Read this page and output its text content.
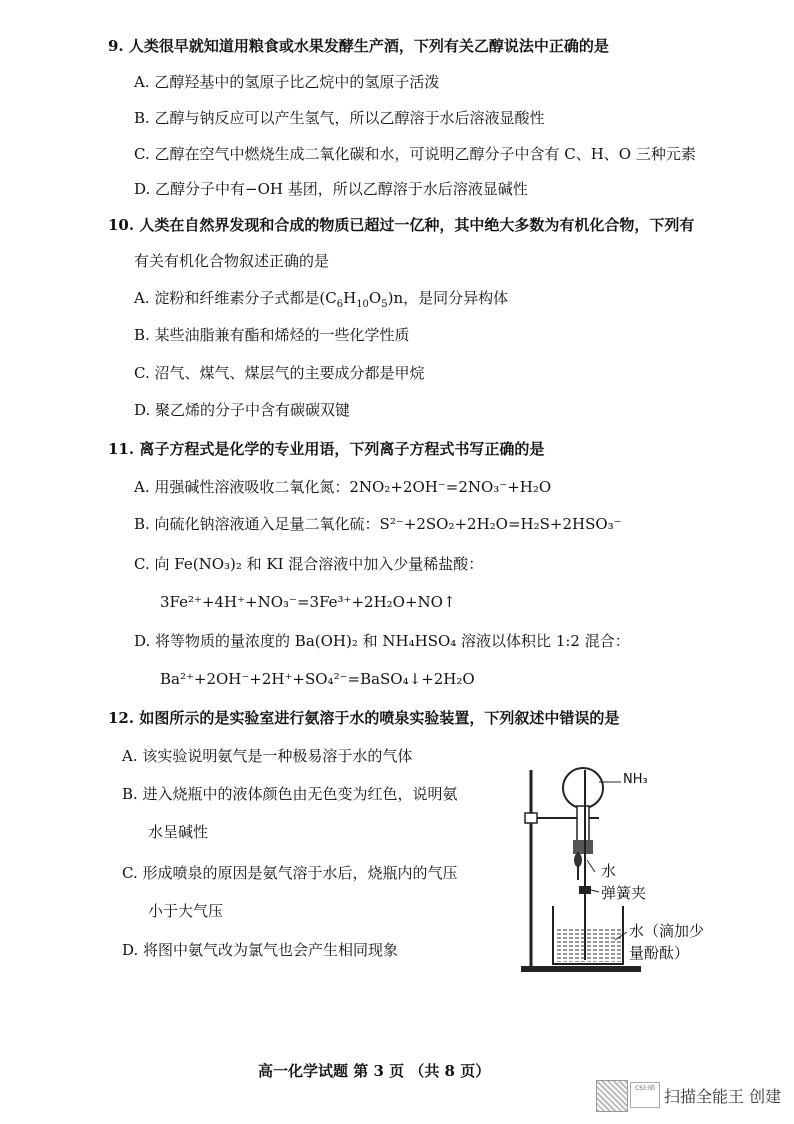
9. 人类很早就知道用粮食或水果发酵生产酒，下列有关乙醇说法中正确的是
A. 乙醇羟基中的氢原子比乙烷中的氢原子活泼
B. 乙醇与钠反应可以产生氢气，所以乙醇溶于水后溶液显酸性
C. 乙醇在空气中燃烧生成二氧化碳和水，可说明乙醇分子中含有 C、H、O 三种元素
D. 乙醇分子中有−OH 基团，所以乙醇溶于水后溶液显碱性
10. 人类在自然界发现和合成的物质已超过一亿种，其中绝大多数为有机化合物，下列有
有关有机化合物叙述正确的是
A. 淀粉和纤维素分子式都是$(C_6H_{10}O_5)n$，是同分异构体
B. 某些油脂兼有酯和烯烃的一些化学性质
C. 沼气、煤气、煤层气的主要成分都是甲烷
D. 聚乙烯的分子中含有碳碳双键
11. 离子方程式是化学的专业用语，下列离子方程式书写正确的是
A. 用强碱性溶液吸收二氧化氮：2NO₂+2OH⁻=2NO₃⁻+H₂O
B. 向硫化钠溶液通入足量二氧化硫：S²⁻+2SO₂+2H₂O=H₂S+2HSO₃⁻
C. 向 Fe(NO₃)₂ 和 KI 混合溶液中加入少量稀盐酸：
3Fe²⁺+4H⁺+NO₃⁻=3Fe³⁺+2H₂O+NO↑
D. 将等物质的量浓度的 Ba(OH)₂ 和 NH₄HSO₄ 溶液以体积比 1:2 混合：
Ba²⁺+2OH⁻+2H⁺+SO₄²⁻=BaSO₄↓+2H₂O
12. 如图所示的是实验室进行氨溶于水的喷泉实验装置，下列叙述中错误的是
A. 该实验说明氨气是一种极易溶于水的气体
B. 进入烧瓶中的液体颜色由无色变为红色，说明氨
水呈碱性
C. 形成喷泉的原因是氨气溶于水后，烧瓶内的气压
小于大气压
D. 将图中氨气改为氯气也会产生相同现象
NH₃
水
弹簧夹
水（滴加少
量酚酞）
高一化学试题 第 3 页 （共 8 页）
CS扫描 扫描全能王 创建
